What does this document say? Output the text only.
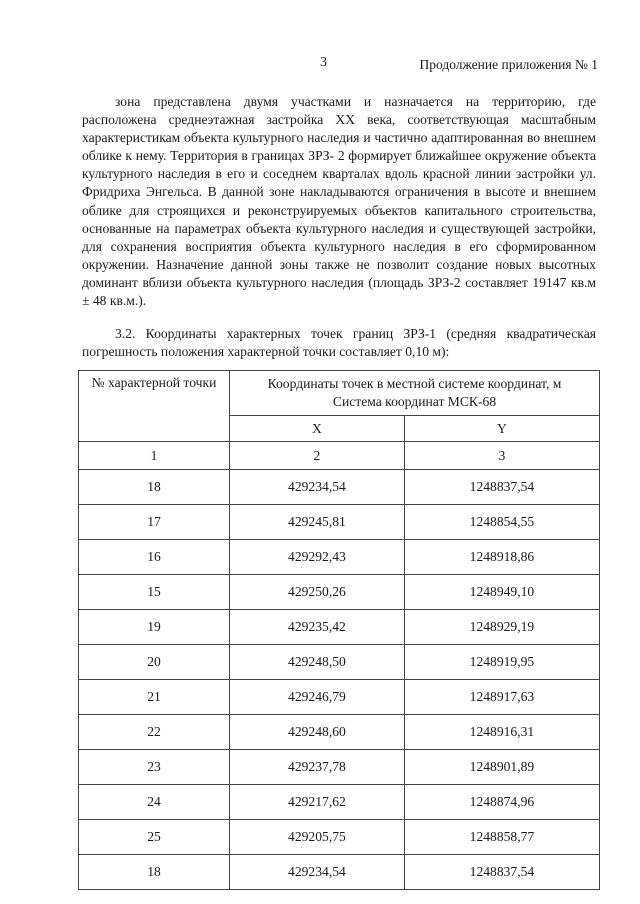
3	Продолжение приложения № 1
зона представлена двумя участками и назначается на территорию, где расположена среднеэтажная застройка XX века, соответствующая масштабным характеристикам объекта культурного наследия и частично адаптированная во внешнем облике к нему. Территория в границах ЗРЗ- 2 формирует ближайшее окружение объекта культурного наследия в его и соседнем кварталах вдоль красной линии застройки ул. Фридриха Энгельса. В данной зоне накладываются ограничения в высоте и внешнем облике для строящихся и реконструируемых объектов капитального строительства, основанные на параметрах объекта культурного наследия и существующей застройки, для сохранения восприятия объекта культурного наследия в его сформированном окружении. Назначение данной зоны также не позволит создание новых высотных доминант вблизи объекта культурного наследия (площадь ЗРЗ-2 составляет 19147 кв.м ± 48 кв.м.).
3.2. Координаты характерных точек границ ЗРЗ-1 (средняя квадратическая погрешность положения характерной точки составляет 0,10 м):
№ характерной точки	Координаты точек в местной системе координат, м
Система координат МСК-68	

	X	Y
1	2	3
18	429234,54	1248837,54
17	429245,81	1248854,55
16	429292,43	1248918,86
15	429250,26	1248949,10
19	429235,42	1248929,19
20	429248,50	1248919,95
21	429246,79	1248917,63
22	429248,60	1248916,31
23	429237,78	1248901,89
24	429217,62	1248874,96
25	429205,75	1248858,77
18	429234,54	1248837,54
